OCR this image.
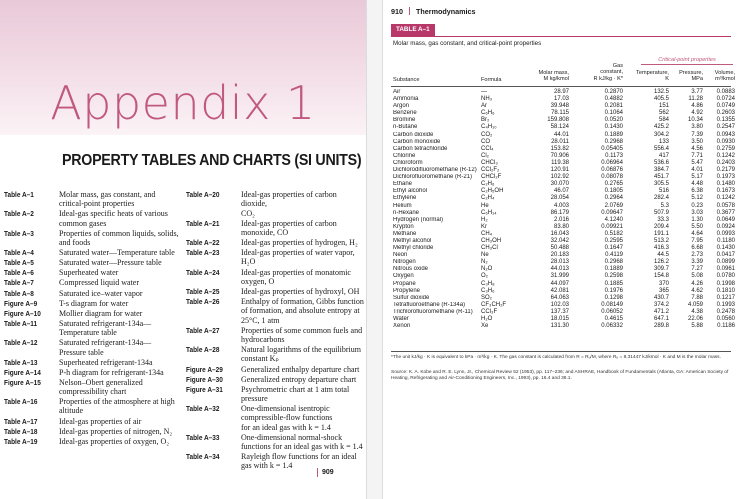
Appendix 1
PROPERTY TABLES AND CHARTS (SI UNITS)
Table A–1	Molar mass, gas constant, and
critical-point properties
Table A–2	Ideal-gas specific heats of various
common gases
Table A–3	Properties of common liquids, solids,
and foods
Table A–4	Saturated water—Temperature table
Table A–5	Saturated water—Pressure table
Table A–6	Superheated water
Table A–7	Compressed liquid water
Table A–8	Saturated ice–water vapor
Figure A–9	T-s diagram for water
Figure A–10	Mollier diagram for water
Table A–11	Saturated refrigerant-134a—
Temperature table
Table A–12	Saturated refrigerant-134a—
Pressure table
Table A–13	Superheated refrigerant-134a
Figure A–14	P-h diagram for refrigerant-134a
Figure A–15	Nelson–Obert generalized
compressibility chart
Table A–16	Properties of the atmosphere at high
altitude
Table A–17	Ideal-gas properties of air
Table A–18	Ideal-gas properties of nitrogen, N₂
Table A–19	Ideal-gas properties of oxygen, O₂
Table A–20	Ideal-gas properties of carbon dioxide,
CO₂
Table A–21	Ideal-gas properties of carbon
monoxide, CO
Table A–22	Ideal-gas properties of hydrogen, H₂
Table A–23	Ideal-gas properties of water vapor, H₂O
Table A–24	Ideal-gas properties of monatomic
oxygen, O
Table A–25	Ideal-gas properties of hydroxyl, OH
Table A–26	Enthalpy of formation, Gibbs function
of formation, and absolute entropy at
25°C, 1 atm
Table A–27	Properties of some common fuels and
hydrocarbons
Table A–28	Natural logarithms of the equilibrium
constant Kₚ
Figure A–29	Generalized enthalpy departure chart
Figure A–30	Generalized entropy departure chart
Figure A–31	Psychrometric chart at 1 atm total
pressure
Table A–32	One-dimensional isentropic
compressible-flow functions
for an ideal gas with k = 1.4
Table A–33	One-dimensional normal-shock
functions for an ideal gas with k = 1.4
Table A–34	Rayleigh flow functions for an ideal
gas with k = 1.4
909
910 Thermodynamics
TABLE A–1
Molar mass, gas constant, and critical-point properties
Critical-point properties
Substance	Formula
Molar mass,
M kg/kmol
Gas
constant,
R kJ/kg · K*
Temperature,
K
Pressure,
MPa
Volume,
m³/kmol
Air	—	28.97	0.2870	132.5	3.77	0.0883
Ammonia	NH₃	17.03	0.4882	405.5	11.28	0.0724
Argon	Ar	39.948	0.2081	151	4.86	0.0749
Benzene	C₆H₆	78.115	0.1064	562	4.92	0.2603
Bromine	Br₂	159.808	0.0520	584	10.34	0.1355
n-Butane	C₄H₁₀	58.124	0.1430	425.2	3.80	0.2547
Carbon dioxide	CO₂	44.01	0.1889	304.2	7.39	0.0943
Carbon monoxide	CO	28.011	0.2968	133	3.50	0.0930
Carbon tetrachloride	CCl₄	153.82	0.05405	556.4	4.56	0.2759
Chlorine	Cl₂	70.906	0.1173	417	7.71	0.1242
Chloroform	CHCl₃	119.38	0.06964	536.6	5.47	0.2403
Dichlorodifluoromethane (R-12) CCl₂F₂	120.91	0.06876	384.7	4.01	0.2179
Dichlorofluoromethane (R-21)	CHCl₂F	102.92	0.08078	451.7	5.17	0.1973
Ethane	C₂H₆	30.070	0.2765	305.5	4.48	0.1480
Ethyl alcohol	C₂H₅OH	46.07	0.1805	516	6.38	0.1673
Ethylene	C₂H₄	28.054	0.2964	282.4	5.12	0.1242
Helium	He	4.003	2.0769	5.3	0.23	0.0578
n-Hexane	C₆H₁₄	86.179	0.09647	507.9	3.03	0.3677
Hydrogen (normal)	H₂	2.016	4.1240	33.3	1.30	0.0649
Krypton	Kr	83.80	0.09921	209.4	5.50	0.0924
Methane	CH₄	16.043	0.5182	191.1	4.64	0.0993
Methyl alcohol	CH₃OH	32.042	0.2595	513.2	7.95	0.1180
Methyl chloride	CH₃Cl	50.488	0.1647	416.3	6.68	0.1430
Neon	Ne	20.183	0.4119	44.5	2.73	0.0417
Nitrogen	N₂	28.013	0.2968	126.2	3.39	0.0899
Nitrous oxide	N₂O	44.013	0.1889	309.7	7.27	0.0961
Oxygen	O₂	31.999	0.2598	154.8	5.08	0.0780
Propane	C₃H₈	44.097	0.1885	370	4.26	0.1998
Propylene	C₃H₆	42.081	0.1976	365	4.62	0.1810
Sulfur dioxide	SO₂	64.063	0.1298	430.7	7.88	0.1217
Tetrafluoroethane (R-134a)	CF₃CH₂F	102.03	0.08149	374.2	4.059	0.1993
Trichlorofluoromethane (R-11)	CCl₃F	137.37	0.06052	471.2	4.38	0.2478
Water	H₂O	18.015	0.4615	647.1	22.06	0.0560
Xenon	Xe	131.30	0.06332	289.8	5.88	0.1186
*The unit kJ/kg · K is equivalent to kPa · m³/kg · K. The gas constant is calculated from R = Rᵤ/M, where Rᵤ = 8.31447 kJ/kmol · K and M is the molar mass.
Source: K. A. Kobe and R. E. Lynn, Jr., Chemical Review 52 (1953), pp. 117–236; and ASHRAE, Handbook of Fundamentals (Atlanta, GA: American Society of Heating, Refrigerating and Air-Conditioning Engineers, Inc., 1993), pp. 16.4 and 36.1.
